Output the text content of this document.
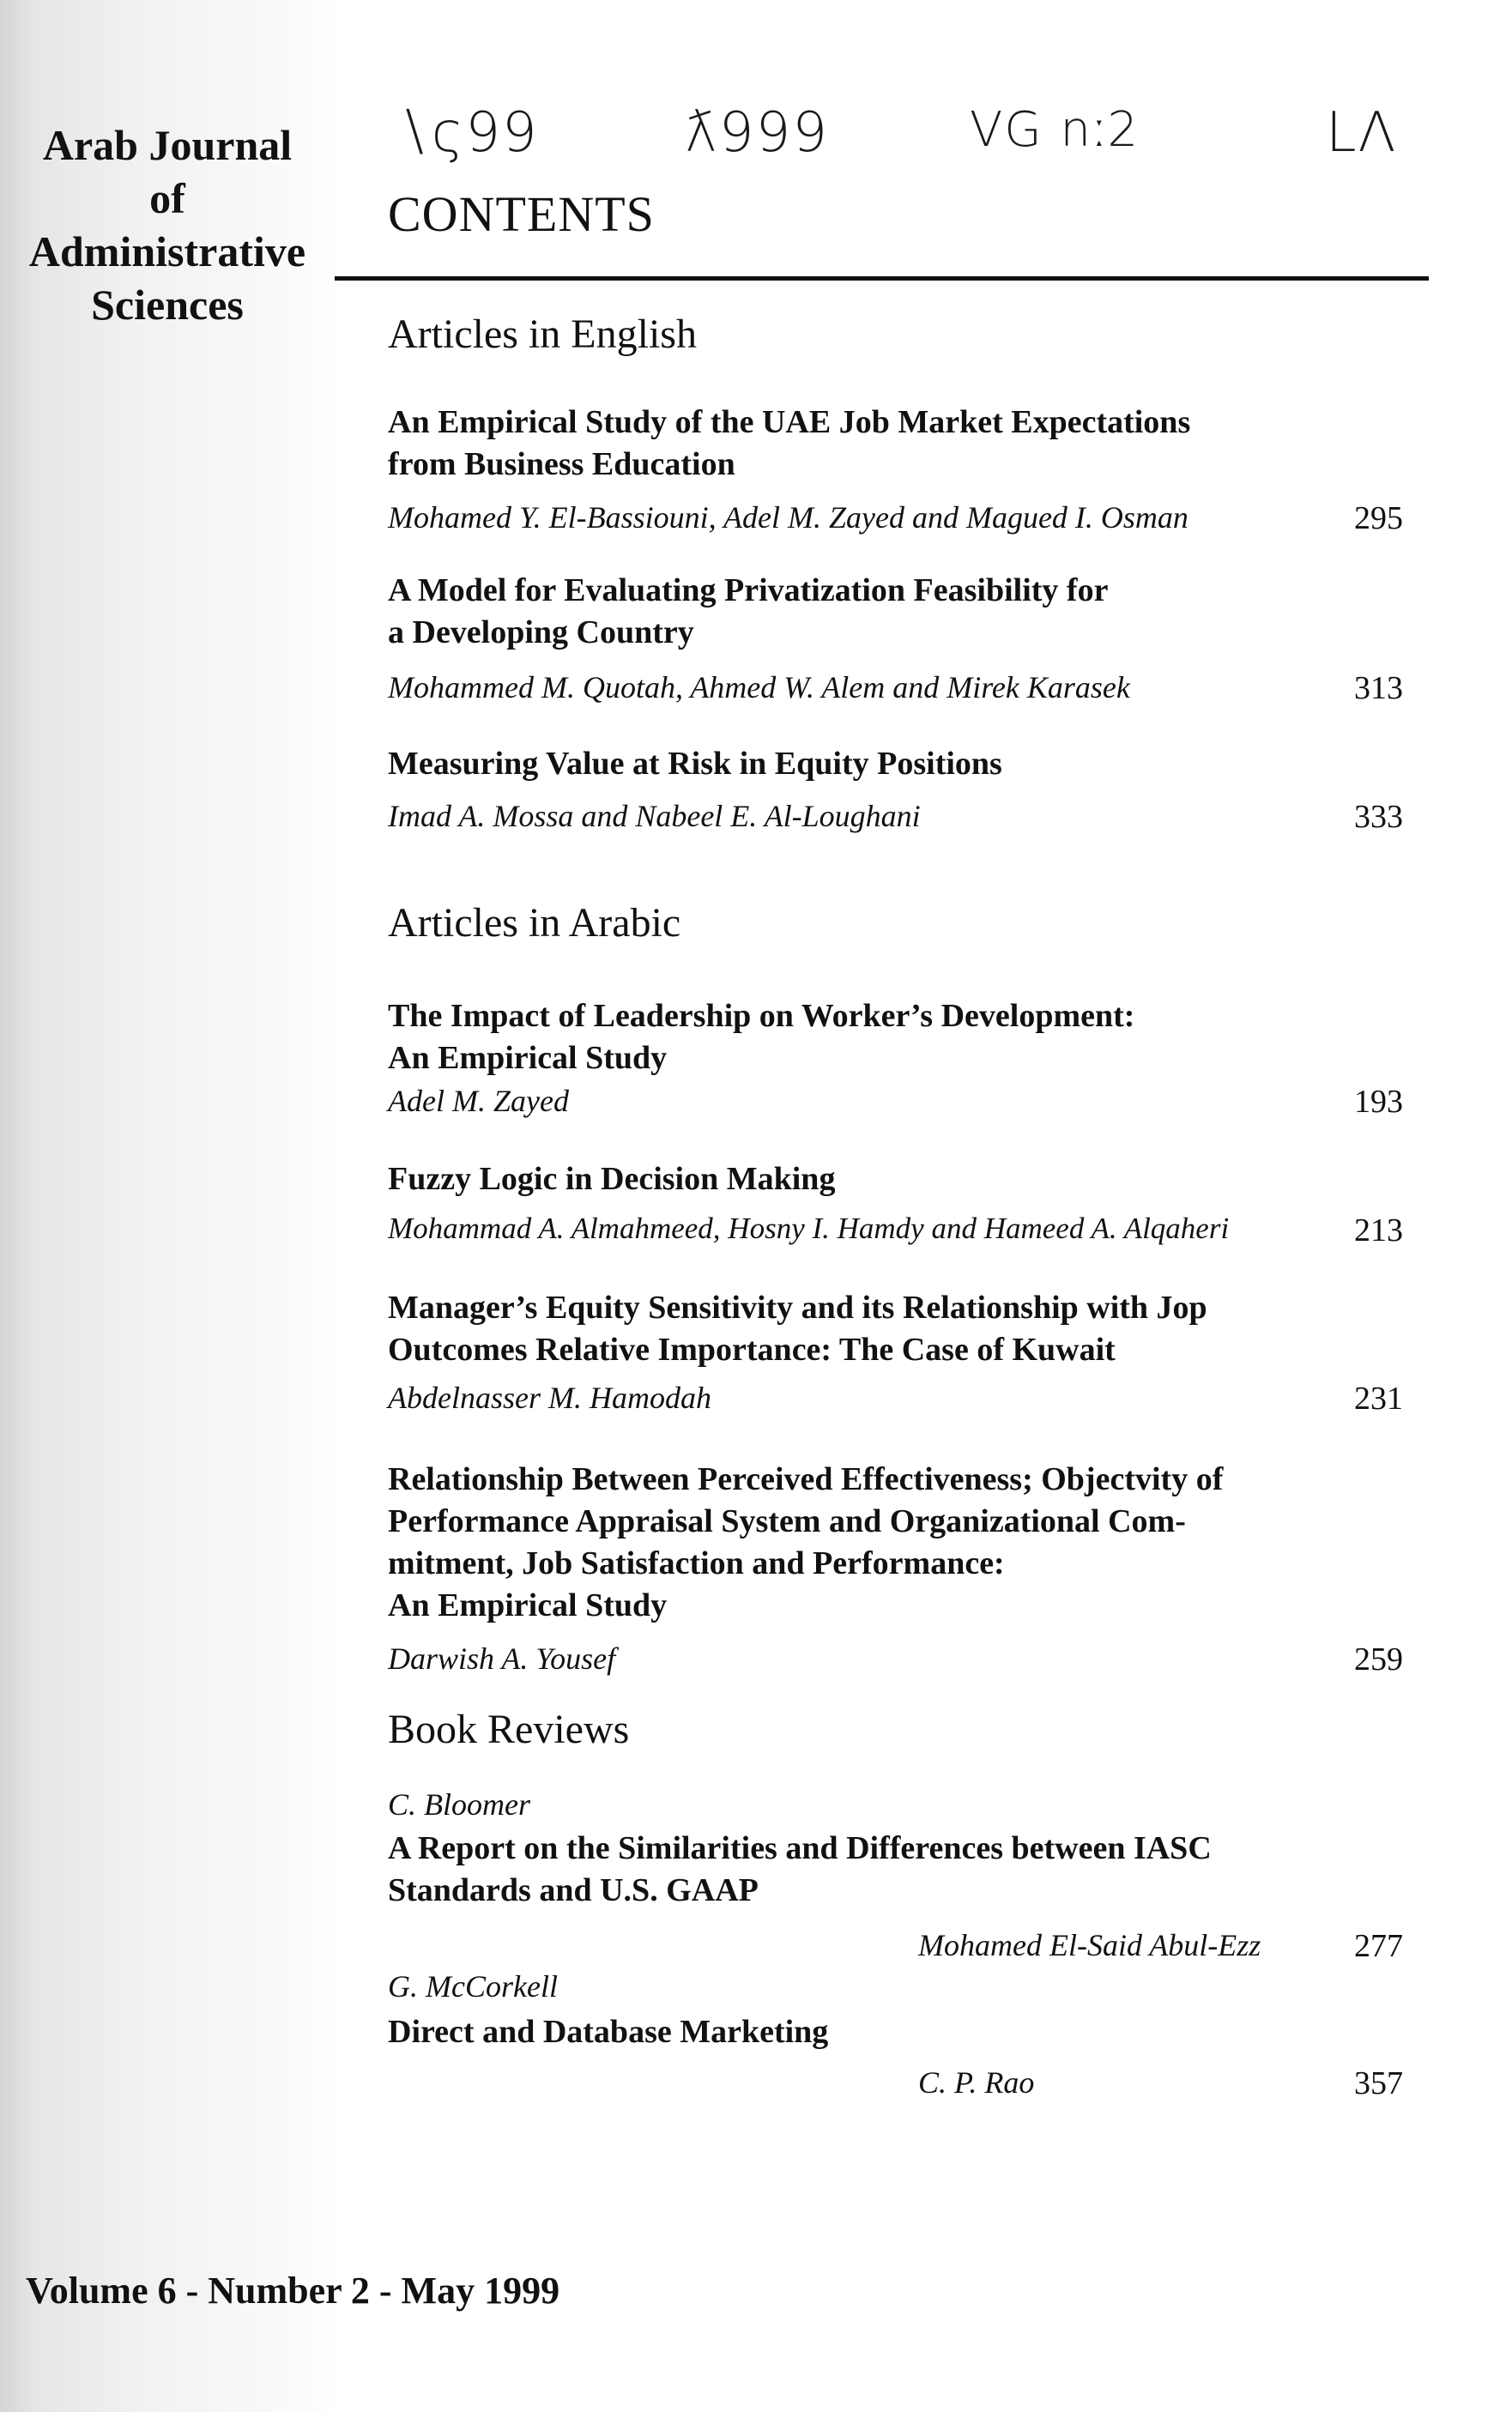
Arab Journal
of
Administrative
Sciences
∖ς99	ƛ999	VG nː2	LΛ
CONTENTS
Articles in English
An Empirical Study of the UAE Job Market Expectations
from Business Education
Mohamed Y. El-Bassiouni, Adel M. Zayed and Magued I. Osman	295
A Model for Evaluating Privatization Feasibility for
a Developing Country
Mohammed M. Quotah, Ahmed W. Alem and Mirek Karasek	313
Measuring Value at Risk in Equity Positions
Imad A. Mossa and Nabeel E. Al-Loughani	333
Articles in Arabic
The Impact of Leadership on Worker’s Development:
An Empirical Study
Adel M. Zayed	193
Fuzzy Logic in Decision Making
Mohammad A. Almahmeed, Hosny I. Hamdy and Hameed A. Alqaheri	213
Manager’s Equity Sensitivity and its Relationship with Jop
Outcomes Relative Importance: The Case of Kuwait
Abdelnasser M. Hamodah	231
Relationship Between Perceived Effectiveness; Objectvity of
Performance Appraisal System and Organizational Com-
mitment, Job Satisfaction and Performance:
An Empirical Study
Darwish A. Yousef	259
Book Reviews
C. Bloomer
A Report on the Similarities and Differences between IASC
Standards and U.S. GAAP
Mohamed El-Said Abul-Ezz	277
G. McCorkell
Direct and Database Marketing
C. P. Rao	357
Volume 6 - Number 2 - May 1999
